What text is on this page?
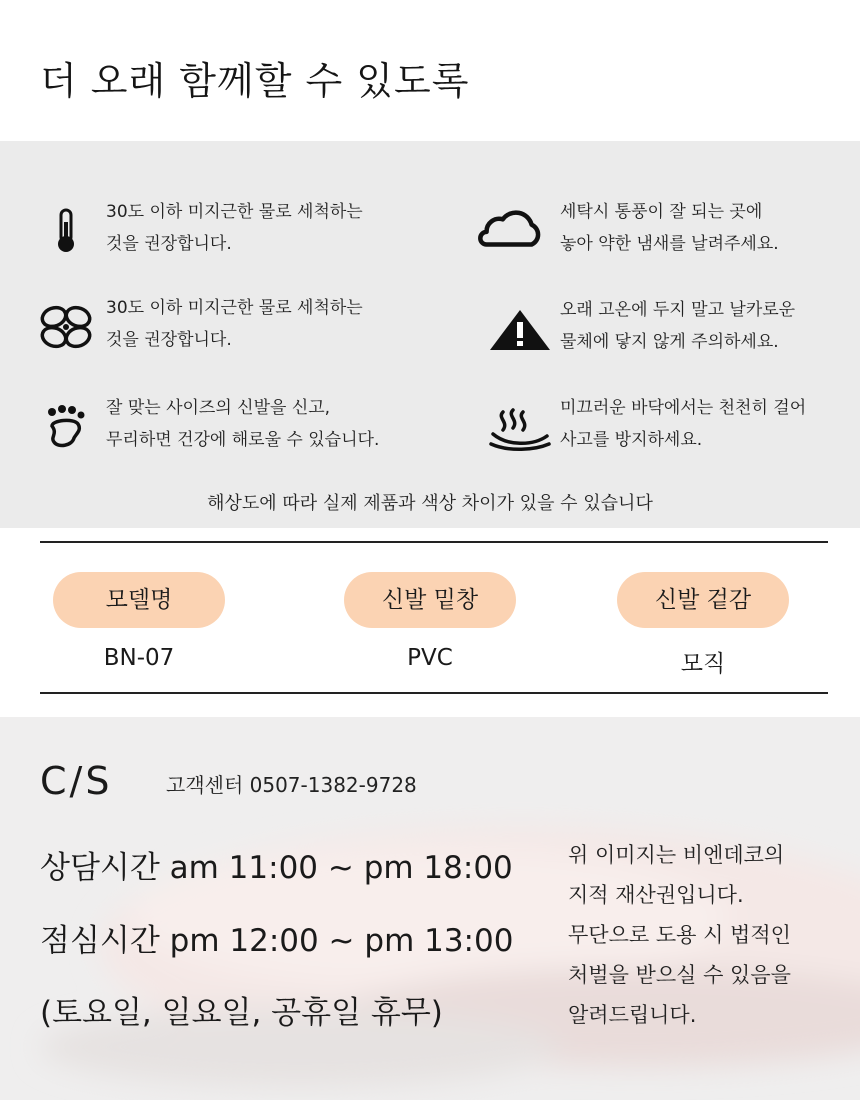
더 오래 함께할 수 있도록
30도 이하 미지근한 물로 세척하는
것을 권장합니다.
세탁시 통풍이 잘 되는 곳에
놓아 약한 냄새를 날려주세요.
30도 이하 미지근한 물로 세척하는
것을 권장합니다.
오래 고온에 두지 말고 날카로운
물체에 닿지 않게 주의하세요.
잘 맞는 사이즈의 신발을 신고,
무리하면 건강에 해로울 수 있습니다.
미끄러운 바닥에서는 천천히 걸어
사고를 방지하세요.
해상도에 따라 실제 제품과 색상 차이가 있을 수 있습니다
모델명
BN-07
신발 밑창
PVC
신발 겉감
모직
C/S	고객센터 0507-1382-9728
상담시간 am 11:00 ~ pm 18:00
점심시간 pm 12:00 ~ pm 13:00
(토요일, 일요일, 공휴일 휴무)
위 이미지는 비엔데코의
지적 재산권입니다.
무단으로 도용 시 법적인
처벌을 받으실 수 있음을
알려드립니다.
